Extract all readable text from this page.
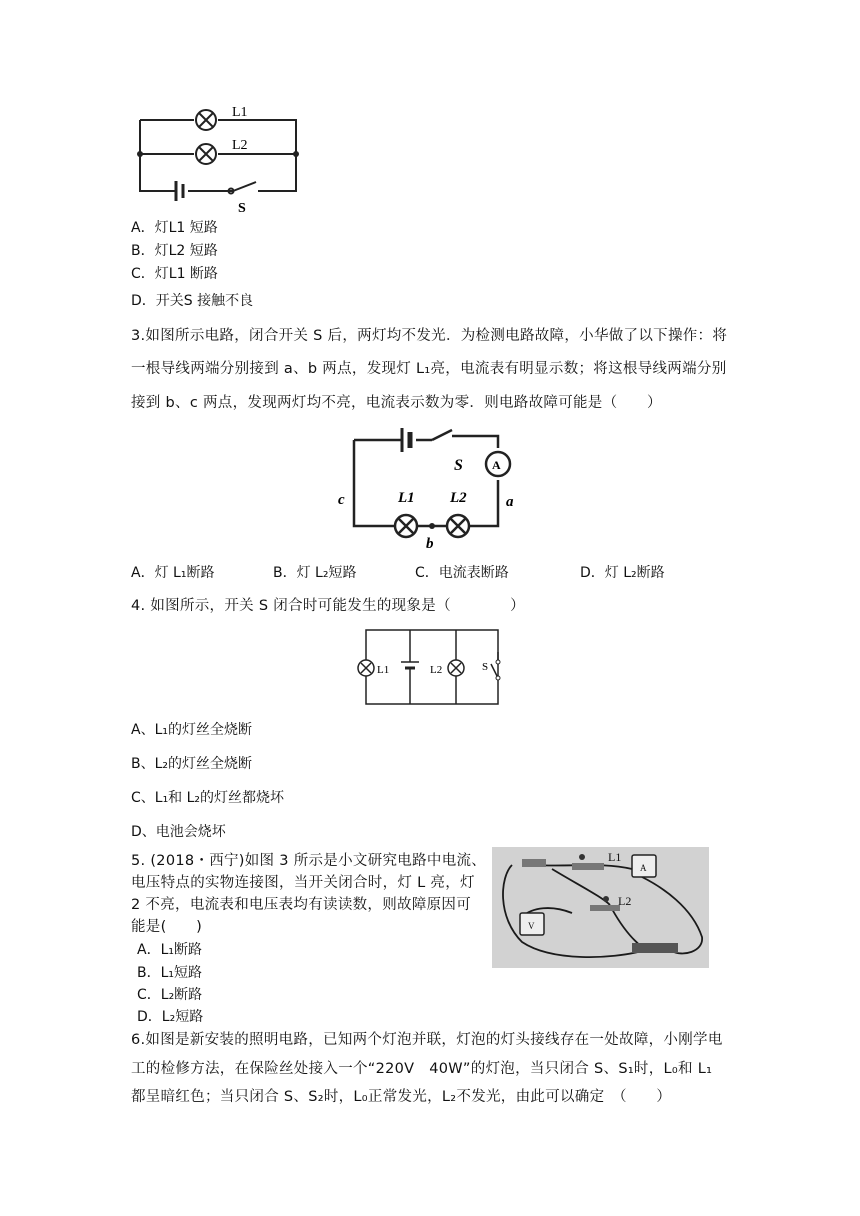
L1
L2
S
A．灯L1 短路
B．灯L2 短路
C．灯L1 断路
D．开关S 接触不良
3.如图所示电路，闭合开关 S 后，两灯均不发光．为检测电路故障，小华做了以下操作：将
一根导线两端分别接到 a、b 两点，发现灯 L₁亮，电流表有明显示数；将这根导线两端分别
接到 b、c 两点，发现两灯均不亮，电流表示数为零．则电路故障可能是（　　）
S A
L1 L2	a
b
c
A．灯 L₁断路	B．灯 L₂短路	C．电流表断路	D．灯 L₂断路
4. 如图所示，开关 S 闭合时可能发生的现象是（　　　　）
L1	L2	S
A、L₁的灯丝全烧断
B、L₂的灯丝全烧断
C、L₁和 L₂的灯丝都烧坏
D、电池会烧坏
5. (2018・西宁)如图 3 所示是小文研究电路中电流、
电压特点的实物连接图，当开关闭合时，灯 L 亮，灯
2 不亮，电流表和电压表均有读读数，则故障原因可
能是(　　)
A．L₁断路
B．L₁短路
C．L₂断路
D．L₂短路
L1
L2
A
V
6.如图是新安装的照明电路，已知两个灯泡并联，灯泡的灯头接线存在一处故障，小刚学电
工的检修方法，在保险丝处接入一个“220V　40W”的灯泡，当只闭合 S、S₁时，L₀和 L₁
都呈暗红色；当只闭合 S、S₂时，L₀正常发光，L₂不发光，由此可以确定　（　　）
